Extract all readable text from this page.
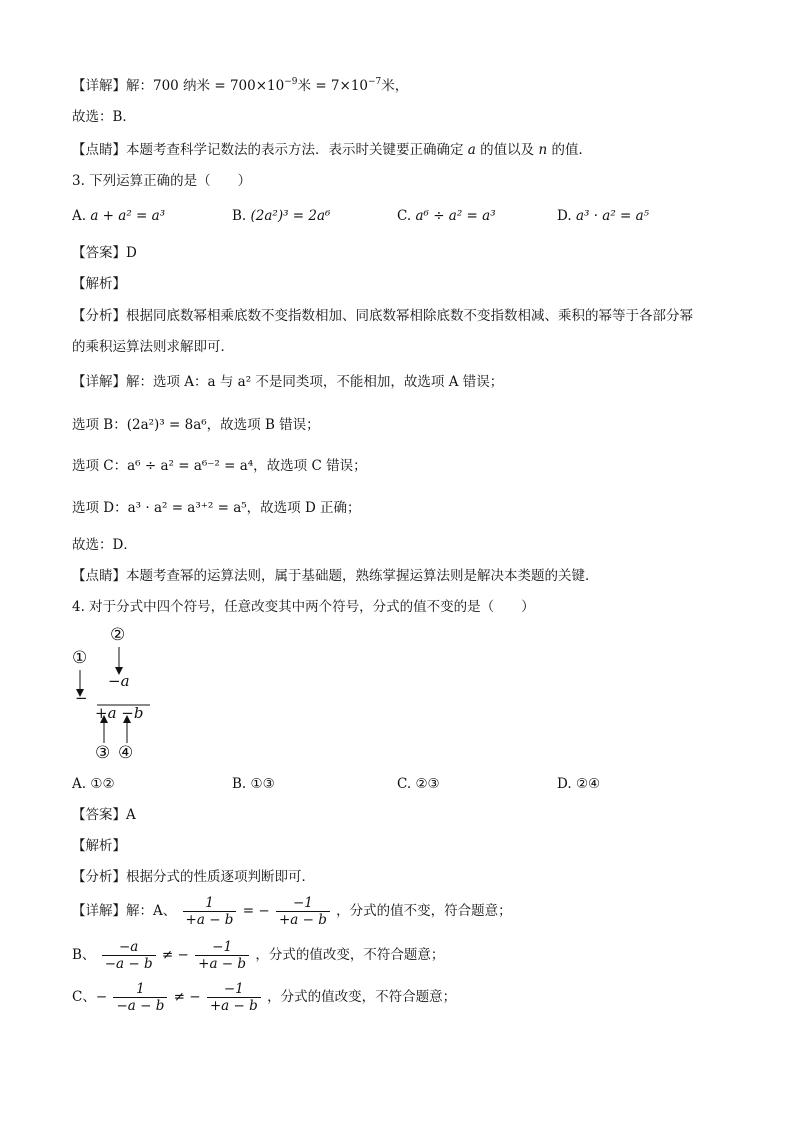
【详解】解：700 纳米 = $700\times 10^{-9}$米 = $7\times 10^{-7}$米，
故选：B．
【点睛】本题考查科学记数法的表示方法．表示时关键要正确确定 a 的值以及 n 的值．
3. 下列运算正确的是（　　）
A. a + a² = a³	B. (2a²)³ = 2a⁶	C. a⁶ ÷ a² = a³	D. a³ · a² = a⁵
【答案】D
【解析】
【分析】根据同底数幂相乘底数不变指数相加、同底数幂相除底数不变指数相减、乘积的幂等于各部分幂
的乘积运算法则求解即可．
【详解】解：选项 A：a 与 a² 不是同类项，不能相加，故选项 A 错误；
选项 B：(2a²)³ = 8a⁶，故选项 B 错误；
选项 C：a⁶ ÷ a² = a⁶⁻² = a⁴，故选项 C 错误；
选项 D：a³ · a² = a³⁺² = a⁵，故选项 D 正确；
故选：D．
【点睛】本题考查幂的运算法则，属于基础题，熟练掌握运算法则是解决本类题的关键．
4. 对于分式中四个符号，任意改变其中两个符号，分式的值不变的是（　　）
②
①
−a
−
+a −b
③ ④
A. ①②	B. ①③	C. ②③	D. ②④
【答案】A
【解析】
【分析】根据分式的性质逐项判断即可．
【详解】解：A、 $\frac{1}{+a - b}$ = − $\frac{-1}{+a - b}$ ，分式的值不变，符合题意；
B、 $\frac{-a}{-a - b}$ ≠ − $\frac{-1}{+a - b}$ ，分式的值改变，不符合题意；
C、− $\frac{1}{-a - b}$ ≠ − $\frac{-1}{+a - b}$ ，分式的值改变，不符合题意；
